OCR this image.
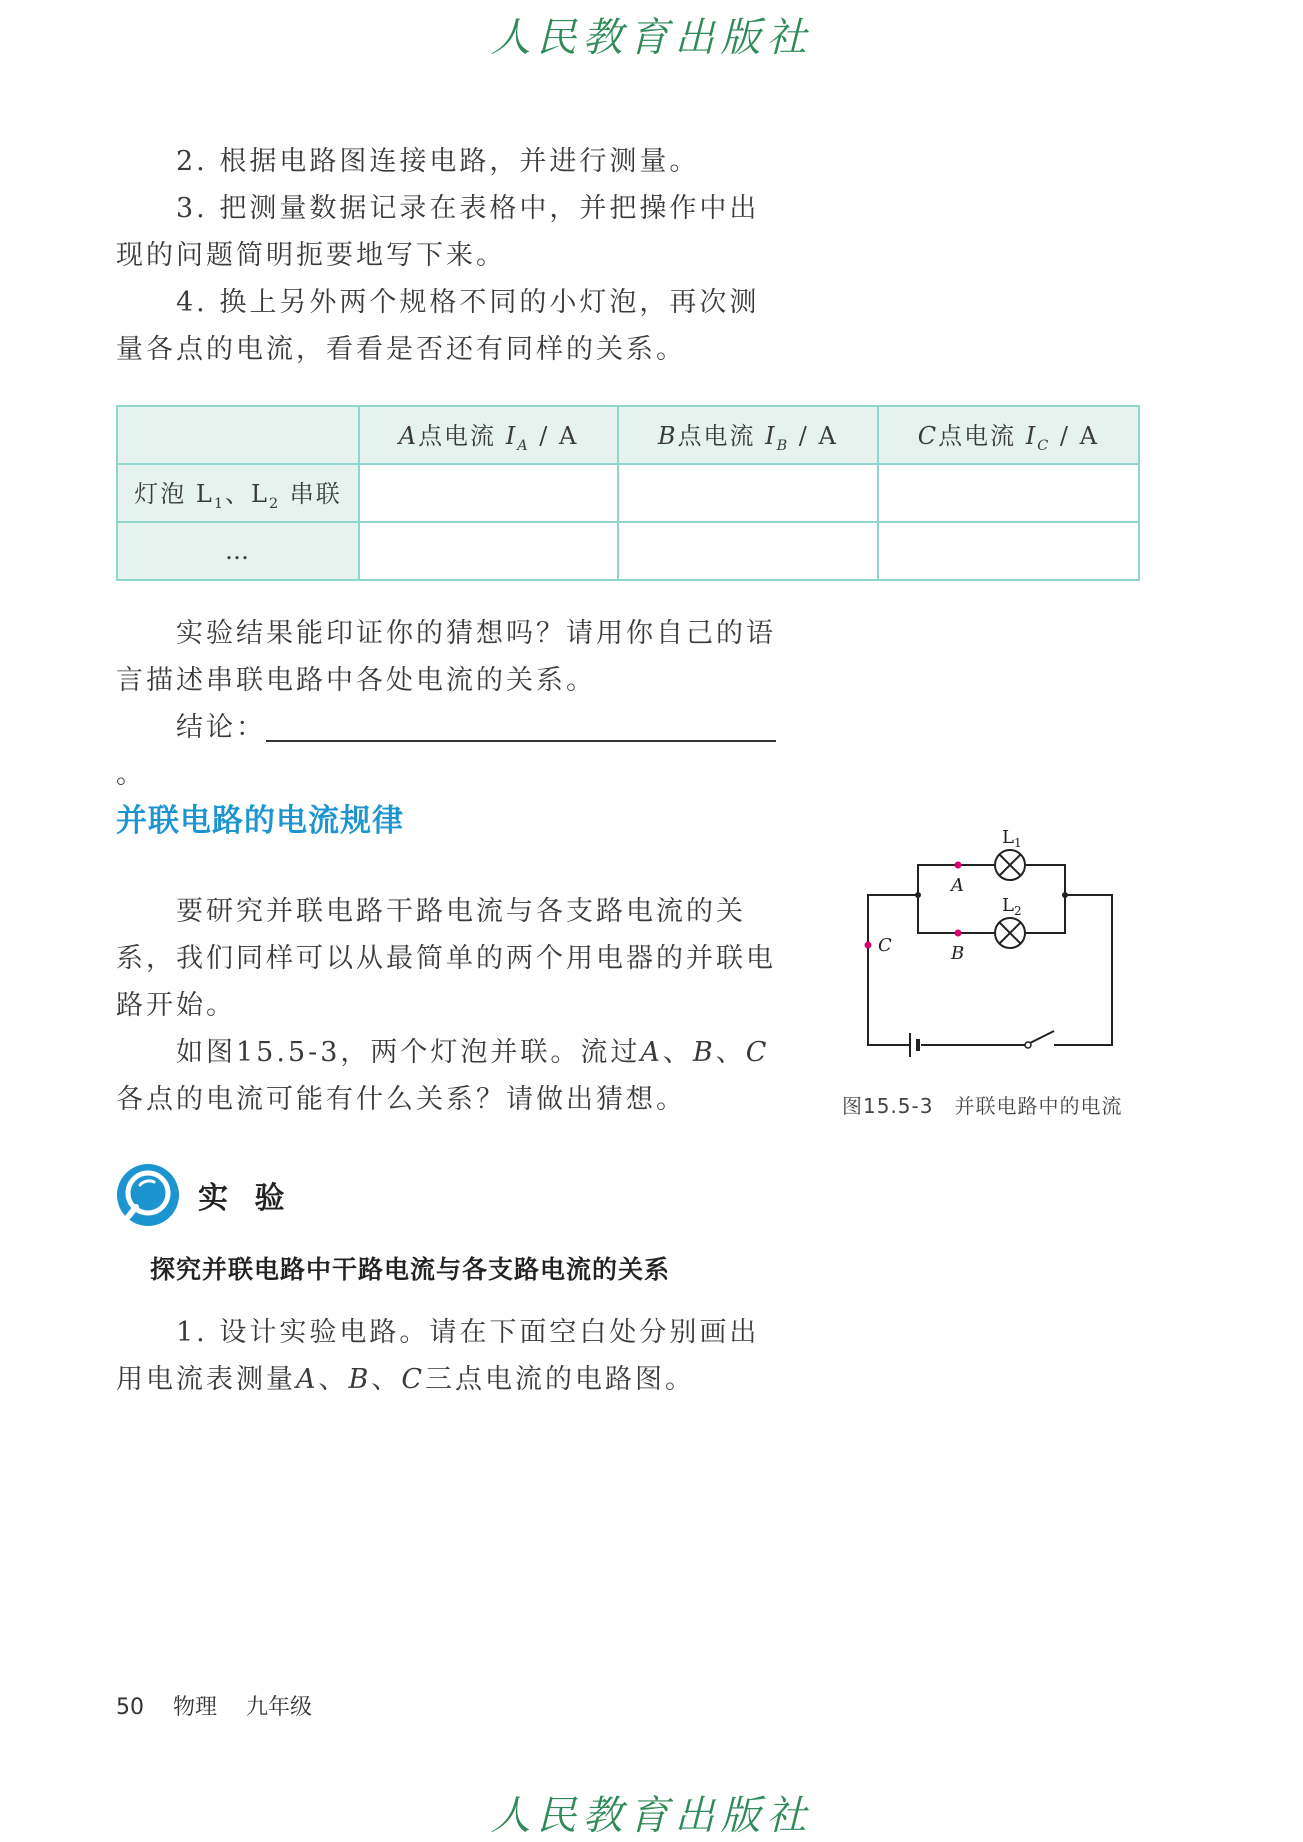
人民教育出版社

2. 根据电路图连接电路，并进行测量。

3. 把测量数据记录在表格中，并把操作中出现的问题简明扼要地写下来。

4. 换上另外两个规格不同的小灯泡，再次测量各点的电流，看看是否还有同样的关系。

	A点电流 $I_A$ / A	B点电流 $I_B$ / A	C点电流 $I_C$ / A
灯泡 $L_1$、$L_2$ 串联			
…			

实验结果能印证你的猜想吗？请用你自己的语言描述串联电路中各处电流的关系。

结论：。

并联电路的电流规律

要研究并联电路干路电流与各支路电流的关系，我们同样可以从最简单的两个用电器的并联电路开始。

如图15.5-3，两个灯泡并联。流过A、B、C各点的电流可能有什么关系？请做出猜想。

A
B
C
$L_1$
$L_2$
图15.5-3　并联电路中的电流
实 验
探究并联电路中干路电流与各支路电流的关系

1. 设计实验电路。请在下面空白处分别画出用电流表测量A、B、C三点电流的电路图。

50 物理 九年级
人民教育出版社
